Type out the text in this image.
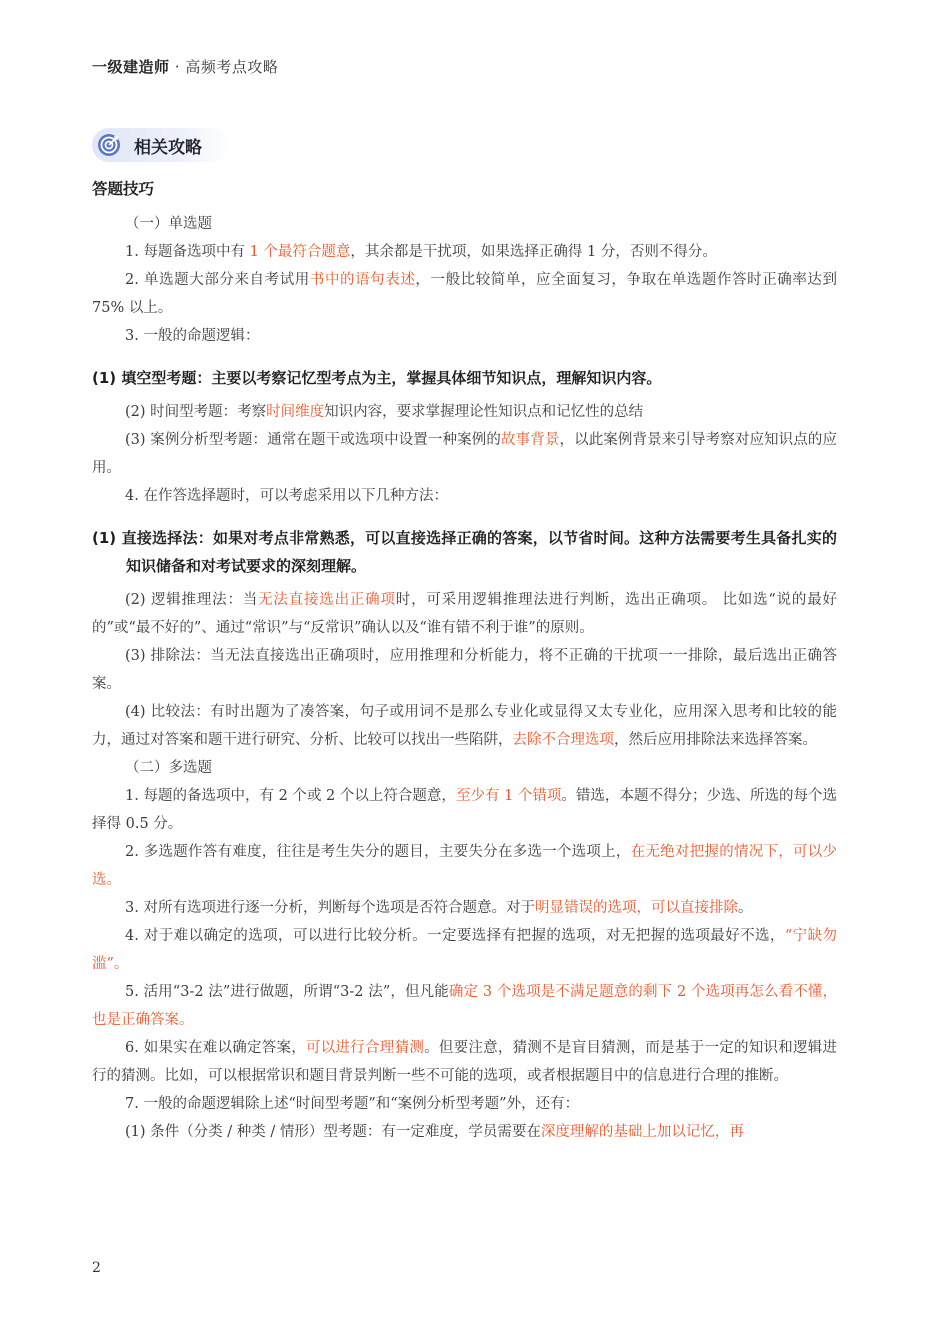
一级建造师 · 高频考点攻略
相关攻略
答题技巧

（一）单选题

1. 每题备选项中有 1 个最符合题意，其余都是干扰项，如果选择正确得 1 分，否则不得分。

2. 单选题大部分来自考试用书中的语句表述，一般比较简单，应全面复习，争取在单选题作答时正确率达到 75% 以上。

3. 一般的命题逻辑：

(1) 填空型考题：主要以考察记忆型考点为主，掌握具体细节知识点，理解知识内容。

(2) 时间型考题：考察时间维度知识内容，要求掌握理论性知识点和记忆性的总结

(3) 案例分析型考题：通常在题干或选项中设置一种案例的故事背景，以此案例背景来引导考察对应知识点的应用。

4. 在作答选择题时，可以考虑采用以下几种方法：

(1) 直接选择法：如果对考点非常熟悉，可以直接选择正确的答案，以节省时间。这种方法需要考生具备扎实的知识储备和对考试要求的深刻理解。

(2) 逻辑推理法：当无法直接选出正确项时，可采用逻辑推理法进行判断，选出正确项。 比如选“说的最好的”或“最不好的”、通过“常识”与“反常识”确认以及“谁有错不利于谁”的原则。

(3) 排除法：当无法直接选出正确项时，应用推理和分析能力，将不正确的干扰项一一排除，最后选出正确答案。

(4) 比较法：有时出题为了凑答案，句子或用词不是那么专业化或显得又太专业化，应用深入思考和比较的能力，通过对答案和题干进行研究、分析、比较可以找出一些陷阱，去除不合理选项，然后应用排除法来选择答案。

（二）多选题

1. 每题的备选项中，有 2 个或 2 个以上符合题意，至少有 1 个错项。错选，本题不得分；少选、所选的每个选择得 0.5 分。

2. 多选题作答有难度，往往是考生失分的题目，主要失分在多选一个选项上，在无绝对把握的情况下，可以少选。

3. 对所有选项进行逐一分析，判断每个选项是否符合题意。对于明显错误的选项，可以直接排除。

4. 对于难以确定的选项，可以进行比较分析。一定要选择有把握的选项，对无把握的选项最好不选，“宁缺勿滥”。

5. 活用“3-2 法”进行做题，所谓“3-2 法”，但凡能确定 3 个选项是不满足题意的剩下 2 个选项再怎么看不懂，也是正确答案。

6. 如果实在难以确定答案，可以进行合理猜测。但要注意，猜测不是盲目猜测，而是基于一定的知识和逻辑进行的猜测。比如，可以根据常识和题目背景判断一些不可能的选项，或者根据题目中的信息进行合理的推断。

7. 一般的命题逻辑除上述“时间型考题”和“案例分析型考题”外，还有：

(1) 条件（分类 / 种类 / 情形）型考题：有一定难度，学员需要在深度理解的基础上加以记忆，再

2
